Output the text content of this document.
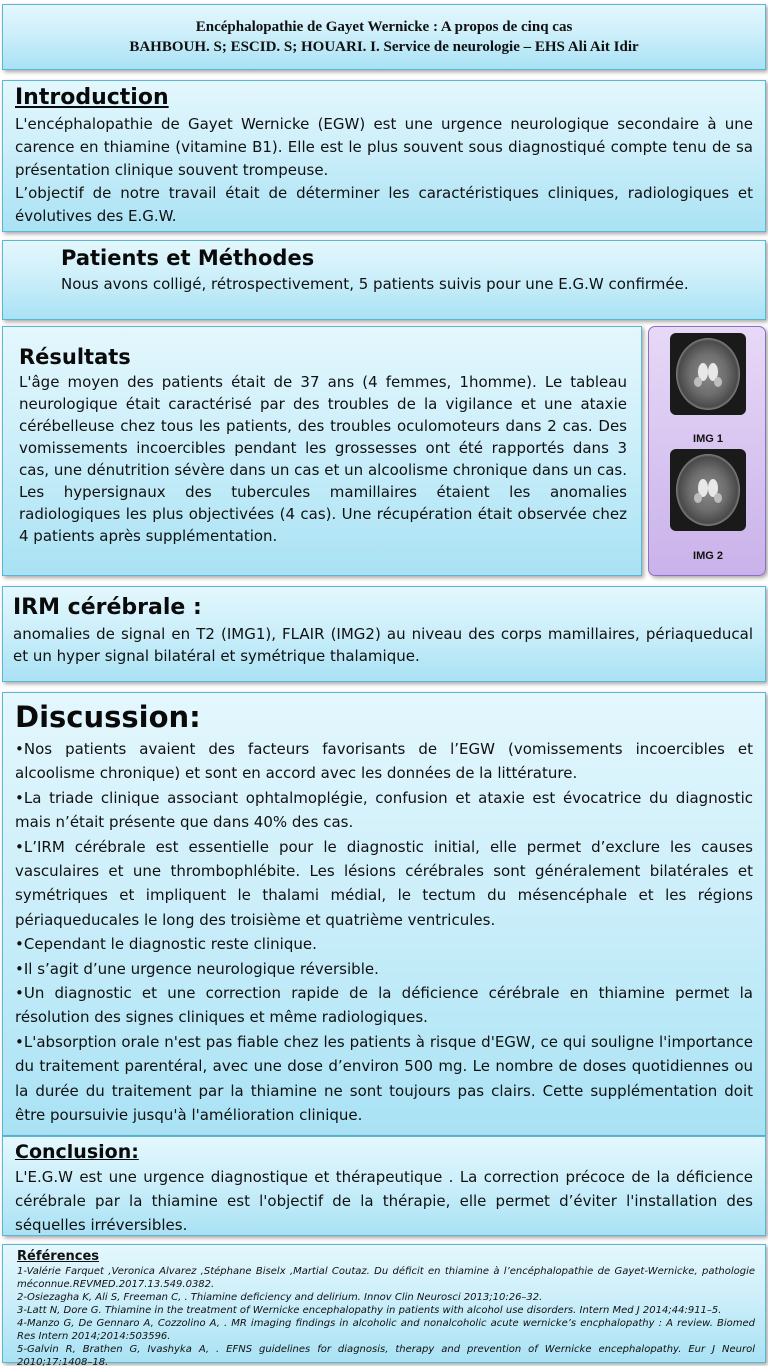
Encéphalopathie de Gayet Wernicke : A propos de cinq cas
BAHBOUH. S; ESCID. S; HOUARI. I. Service de neurologie – EHS Ali Ait Idir
Introduction

L'encéphalopathie de Gayet Wernicke (EGW) est une urgence neurologique secondaire à une carence en thiamine (vitamine B1). Elle est le plus souvent sous diagnostiqué compte tenu de sa présentation clinique souvent trompeuse.

L’objectif de notre travail était de déterminer les caractéristiques cliniques, radiologiques et évolutives des E.G.W.

Patients et Méthodes

Nous avons colligé, rétrospectivement, 5 patients suivis pour une E.G.W confirmée.

Résultats

L'âge moyen des patients était de 37 ans (4 femmes, 1homme). Le tableau neurologique était caractérisé par des troubles de la vigilance et une ataxie cérébelleuse chez tous les patients, des troubles oculomoteurs dans 2 cas. Des vomissements incoercibles pendant les grossesses ont été rapportés dans 3 cas, une dénutrition sévère dans un cas et un alcoolisme chronique dans un cas. Les hypersignaux des tubercules mamillaires étaient les anomalies radiologiques les plus objectivées (4 cas). Une récupération était observée chez 4 patients après supplémentation.

IMG 1
IMG 2
IRM cérébrale :

anomalies de signal en T2 (IMG1), FLAIR (IMG2) au niveau des corps mamillaires, périaqueducal et un hyper signal bilatéral et symétrique thalamique.

Discussion:

•Nos patients avaient des facteurs favorisants de l’EGW (vomissements incoercibles et alcoolisme chronique) et sont en accord avec les données de la littérature.

•La triade clinique associant ophtalmoplégie, confusion et ataxie est évocatrice du diagnostic mais n’était présente que dans 40% des cas.

•L’IRM cérébrale est essentielle pour le diagnostic initial, elle permet d’exclure les causes vasculaires et une thrombophlébite. Les lésions cérébrales sont généralement bilatérales et symétriques et impliquent le thalami médial, le tectum du mésencéphale et les régions périaqueducales le long des troisième et quatrième ventricules.

•Cependant le diagnostic reste clinique.

•Il s’agit d’une urgence neurologique réversible.

•Un diagnostic et une correction rapide de la déficience cérébrale en thiamine permet la résolution des signes cliniques et même radiologiques.

•L'absorption orale n'est pas fiable chez les patients à risque d'EGW, ce qui souligne l'importance du traitement parentéral, avec une dose d’environ 500 mg. Le nombre de doses quotidiennes ou la durée du traitement par la thiamine ne sont toujours pas clairs. Cette supplémentation doit être poursuivie jusqu'à l'amélioration clinique.

Conclusion:

L'E.G.W est une urgence diagnostique et thérapeutique . La correction précoce de la déficience cérébrale par la thiamine est l'objectif de la thérapie, elle permet d’éviter l'installation des séquelles irréversibles.

Références

1-Valérie Farquet ,Veronica Alvarez ,Stéphane Biselx ,Martial Coutaz. Du déficit en thiamine à l’encéphalopathie de Gayet-Wernicke, pathologie méconnue.REVMED.2017.13.549.0382.

2-Osiezagha K, Ali S, Freeman C, . Thiamine deficiency and delirium. Innov Clin Neurosci 2013;10:26–32.

3-Latt N, Dore G. Thiamine in the treatment of Wernicke encephalopathy in patients with alcohol use disorders. Intern Med J 2014;44:911–5.

4-Manzo G, De Gennaro A, Cozzolino A, . MR imaging findings in alcoholic and nonalcoholic acute wernicke’s encphalopathy : A review. Biomed Res Intern 2014;2014:503596.

5-Galvin R, Brathen G, Ivashyka A, . EFNS guidelines for diagnosis, therapy and prevention of Wernicke encephalopathy. Eur J Neurol 2010;17:1408–18.
